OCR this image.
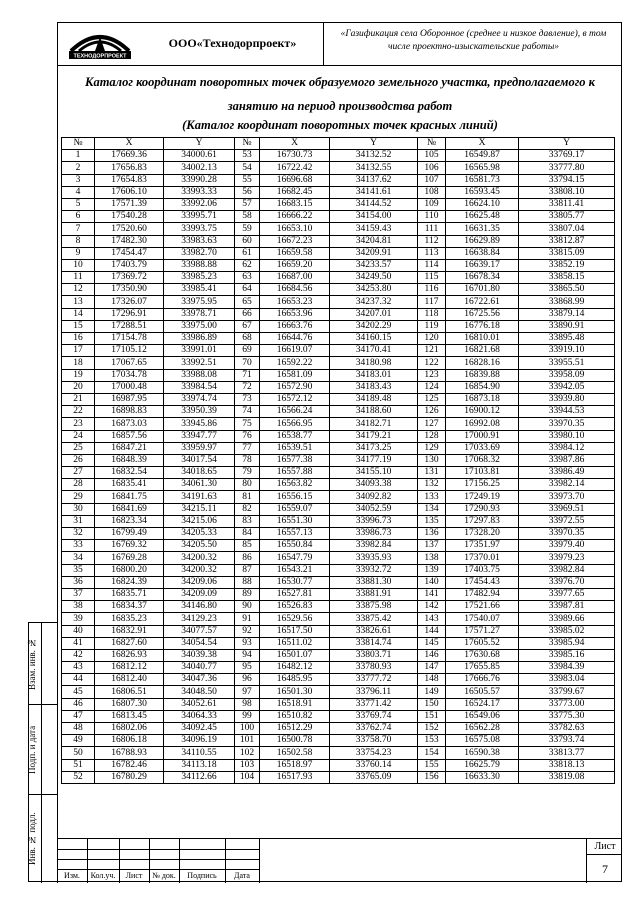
ТЕХНОДОРПРОЕКТ
ООО«Технодорпроект»
«Газификация села Оборонное (среднее и низкое давление), в том числе проектно-изыскательские работы»
Каталог координат поворотных точек образуемого земельного участка, предполагаемого к занятию на период производства работ
(Каталог координат поворотных точек красных линий)
№	X	Y	№	X	Y	№	X	Y
1	17669.36	34000.61	53	16730.73	34132.52	105	16549.87	33769.17
2	17656.83	34002.13	54	16722.42	34132.55	106	16565.98	33777.80
3	17654.83	33990.28	55	16696.68	34137.62	107	16581.73	33794.15
4	17606.10	33993.33	56	16682.45	34141.61	108	16593.45	33808.10
5	17571.39	33992.06	57	16683.15	34144.52	109	16624.10	33811.41
6	17540.28	33995.71	58	16666.22	34154.00	110	16625.48	33805.77
7	17520.60	33993.75	59	16653.10	34159.43	111	16631.35	33807.04
8	17482.30	33983.63	60	16672.23	34204.81	112	16629.89	33812.87
9	17454.47	33982.70	61	16659.58	34209.91	113	16638.84	33815.09
10	17403.79	33988.88	62	16659.20	34233.57	114	16639.17	33852.19
11	17369.72	33985.23	63	16687.00	34249.50	115	16678.34	33858.15
12	17350.90	33985.41	64	16684.56	34253.80	116	16701.80	33865.50
13	17326.07	33975.95	65	16653.23	34237.32	117	16722.61	33868.99
14	17296.91	33978.71	66	16653.96	34207.01	118	16725.56	33879.14
15	17288.51	33975.00	67	16663.76	34202.29	119	16776.18	33890.91
16	17154.78	33986.89	68	16644.76	34160.15	120	16810.01	33895.48
17	17105.12	33991.01	69	16619.07	34170.41	121	16821.68	33919.10
18	17067.65	33992.51	70	16592.22	34180.98	122	16828.16	33955.51
19	17034.78	33988.08	71	16581.09	34183.01	123	16839.88	33958.09
20	17000.48	33984.54	72	16572.90	34183.43	124	16854.90	33942.05
21	16987.95	33974.74	73	16572.12	34189.48	125	16873.18	33939.80
22	16898.83	33950.39	74	16566.24	34188.60	126	16900.12	33944.53
23	16873.03	33945.86	75	16566.95	34182.71	127	16992.08	33970.35
24	16857.56	33947.77	76	16538.77	34179.21	128	17000.91	33980.10
25	16847.21	33959.97	77	16539.51	34173.25	129	17033.69	33984.12
26	16848.39	34017.54	78	16577.38	34177.19	130	17068.32	33987.86
27	16832.54	34018.65	79	16557.88	34155.10	131	17103.81	33986.49
28	16835.41	34061.30	80	16563.82	34093.38	132	17156.25	33982.14
29	16841.75	34191.63	81	16556.15	34092.82	133	17249.19	33973.70
30	16841.69	34215.11	82	16559.07	34052.59	134	17290.93	33969.51
31	16823.34	34215.06	83	16551.30	33996.73	135	17297.83	33972.55
32	16799.49	34205.33	84	16557.13	33986.73	136	17328.20	33970.35
33	16769.32	34205.50	85	16550.84	33982.84	137	17351.97	33979.40
34	16769.28	34200.32	86	16547.79	33935.93	138	17370.01	33979.23
35	16800.20	34200.32	87	16543.21	33932.72	139	17403.75	33982.84
36	16824.39	34209.06	88	16530.77	33881.30	140	17454.43	33976.70
37	16835.71	34209.09	89	16527.81	33881.91	141	17482.94	33977.65
38	16834.37	34146.80	90	16526.83	33875.98	142	17521.66	33987.81
39	16835.23	34129.23	91	16529.56	33875.42	143	17540.07	33989.66
40	16832.91	34077.57	92	16517.50	33826.61	144	17571.27	33985.02
41	16827.60	34054.54	93	16511.02	33814.74	145	17605.52	33985.94
42	16826.93	34039.38	94	16501.07	33803.71	146	17630.68	33985.16
43	16812.12	34040.77	95	16482.12	33780.93	147	17655.85	33984.39
44	16812.40	34047.36	96	16485.95	33777.72	148	17666.76	33983.04
45	16806.51	34048.50	97	16501.30	33796.11	149	16505.57	33799.67
46	16807.30	34052.61	98	16518.91	33771.42	150	16524.17	33773.00
47	16813.45	34064.33	99	16510.82	33769.74	151	16549.06	33775.30
48	16802.06	34092.45	100	16512.29	33762.74	152	16562.28	33782.63
49	16806.18	34096.19	101	16500.78	33758.70	153	16575.08	33793.74
50	16788.93	34110.55	102	16502.58	33754.23	154	16590.38	33813.77
51	16782.46	34113.18	103	16518.97	33760.14	155	16625.79	33818.13
52	16780.29	34112.66	104	16517.93	33765.09	156	16633.30	33819.08
Взам. инв. №
Подп. и дата
Инв. № подл.
Изм.	Кол.уч.	Лист	№ док.	Подпись	Дата
Лист
7
